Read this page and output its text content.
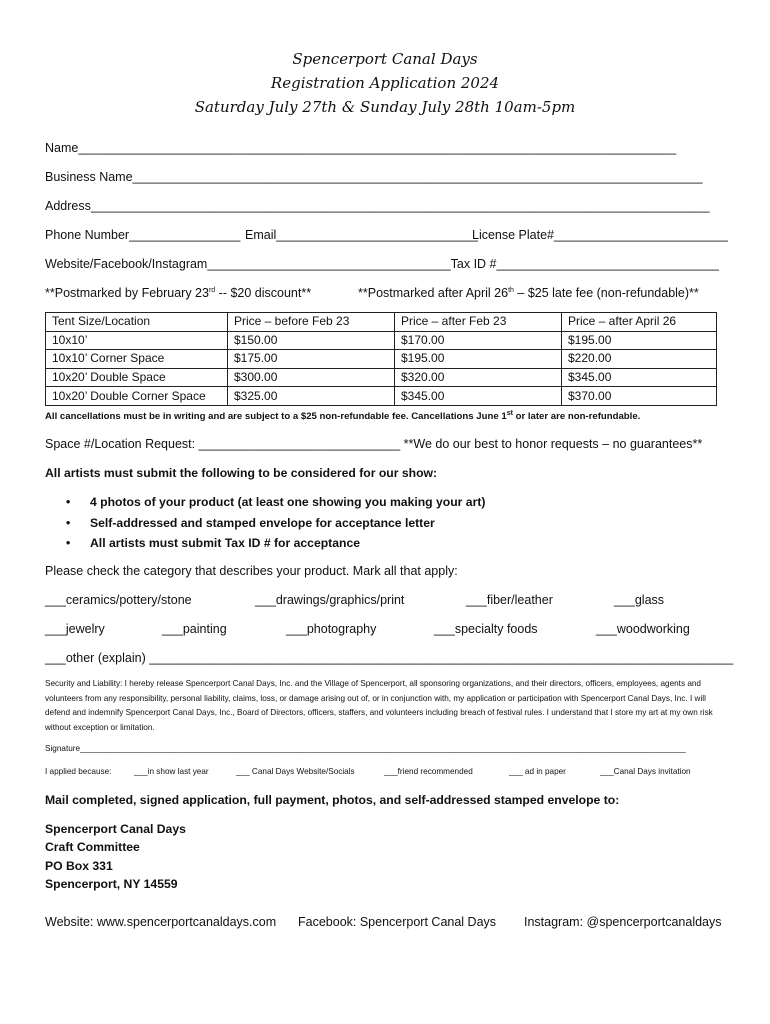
Spencerport Canal Days
Registration Application 2024
Saturday July 27th & Sunday July 28th 10am-5pm
Name______________________________________________________________________________________
Business Name__________________________________________________________________________________
Address_________________________________________________________________________________________
Phone Number________________ Email_____________________________
License Plate#_________________________
Website/Facebook/Instagram___________________________________Tax ID #________________________________
**Postmarked by February 23rd -- $20 discount**	**Postmarked after April 26th – $25 late fee (non-refundable)**
Tent Size/Location	Price – before Feb 23	Price – after Feb 23	Price – after April 26
10x10’	$150.00	$170.00	$195.00
10x10’ Corner Space	$175.00	$195.00	$220.00
10x20’ Double Space	$300.00	$320.00	$345.00
10x20’ Double Corner Space	$325.00	$345.00	$370.00
All cancellations must be in writing and are subject to a $25 non-refundable fee. Cancellations June 1st or later are non-refundable.
Space #/Location Request: _____________________________ **We do our best to honor requests – no guarantees**
All artists must submit the following to be considered for our show:
• 4 photos of your product (at least one showing you making your art)
• Self-addressed and stamped envelope for acceptance letter
• All artists must submit Tax ID # for acceptance
Please check the category that describes your product. Mark all that apply:
___ceramics/pottery/stone	___drawings/graphics/print	___fiber/leather	___glass
___jewelry	___painting	___photography	___specialty foods	___woodworking
___other (explain) ____________________________________________________________________________________
Security and Liability: I hereby release Spencerport Canal Days, Inc. and the Village of Spencerport, all sponsoring organizations, and their directors, officers, employees, agents and volunteers from any responsibility, personal liability, claims, loss, or damage arising out of, or in conjunction with, my application or participation with Spencerport Canal Days, Inc. I will defend and indemnify Spencerport Canal Days, Inc., Board of Directors, officers, staffers, and volunteers including breach of festival rules. I understand that I store my art at my own risk without exception or limitation.
Signature_____________________________________________________________________________________________________________________________________
I applied because:	___in show last year	___ Canal Days Website/Socials	___friend recommended	___ ad in paper	___Canal Days invitation
Mail completed, signed application, full payment, photos, and self-addressed stamped envelope to:
Spencerport Canal Days
Craft Committee
PO Box 331
Spencerport, NY 14559
Website: www.spencerportcanaldays.com Facebook: Spencerport Canal Days Instagram: @spencerportcanaldays
